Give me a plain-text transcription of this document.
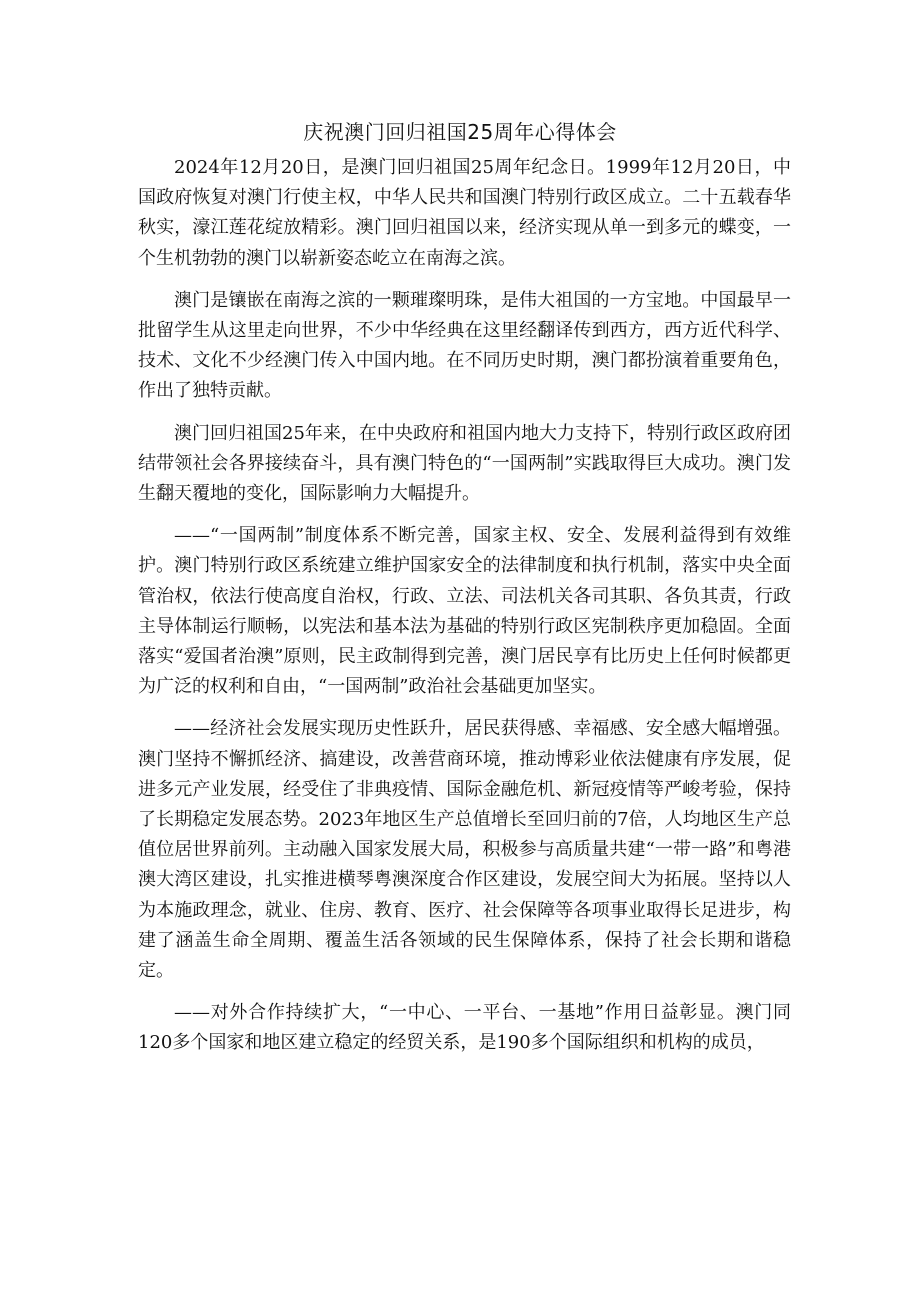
庆祝澳门回归祖国25周年心得体会

2024年12月20日，是澳门回归祖国25周年纪念日。1999年12月20日，中国政府恢复对澳门行使主权，中华人民共和国澳门特别行政区成立。二十五载春华秋实，濠江莲花绽放精彩。澳门回归祖国以来，经济实现从单一到多元的蝶变，一个生机勃勃的澳门以崭新姿态屹立在南海之滨。

澳门是镶嵌在南海之滨的一颗璀璨明珠，是伟大祖国的一方宝地。中国最早一批留学生从这里走向世界，不少中华经典在这里经翻译传到西方，西方近代科学、技术、文化不少经澳门传入中国内地。在不同历史时期，澳门都扮演着重要角色，作出了独特贡献。

澳门回归祖国25年来，在中央政府和祖国内地大力支持下，特别行政区政府团结带领社会各界接续奋斗，具有澳门特色的“一国两制”实践取得巨大成功。澳门发生翻天覆地的变化，国际影响力大幅提升。

——“一国两制”制度体系不断完善，国家主权、安全、发展利益得到有效维护。澳门特别行政区系统建立维护国家安全的法律制度和执行机制，落实中央全面管治权，依法行使高度自治权，行政、立法、司法机关各司其职、各负其责，行政主导体制运行顺畅，以宪法和基本法为基础的特别行政区宪制秩序更加稳固。全面落实“爱国者治澳”原则，民主政制得到完善，澳门居民享有比历史上任何时候都更为广泛的权利和自由，“一国两制”政治社会基础更加坚实。

——经济社会发展实现历史性跃升，居民获得感、幸福感、安全感大幅增强。澳门坚持不懈抓经济、搞建设，改善营商环境，推动博彩业依法健康有序发展，促进多元产业发展，经受住了非典疫情、国际金融危机、新冠疫情等严峻考验，保持了长期稳定发展态势。2023年地区生产总值增长至回归前的7倍，人均地区生产总值位居世界前列。主动融入国家发展大局，积极参与高质量共建“一带一路”和粤港澳大湾区建设，扎实推进横琴粤澳深度合作区建设，发展空间大为拓展。坚持以人为本施政理念，就业、住房、教育、医疗、社会保障等各项事业取得长足进步，构建了涵盖生命全周期、覆盖生活各领域的民生保障体系，保持了社会长期和谐稳定。

——对外合作持续扩大，“一中心、一平台、一基地”作用日益彰显。澳门同120多个国家和地区建立稳定的经贸关系，是190多个国际组织和机构的成员，
